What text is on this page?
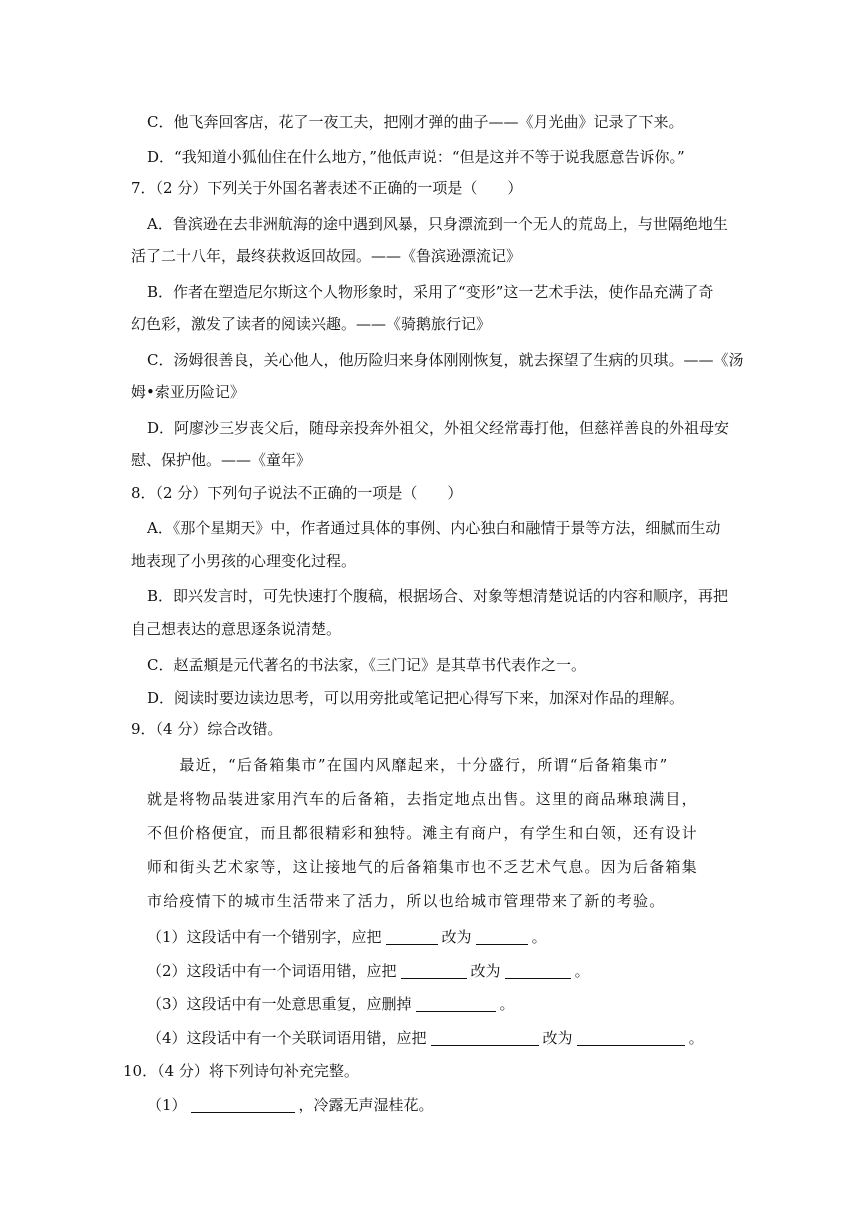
C．他飞奔回客店，花了一夜工夫，把刚才弹的曲子——《月光曲》记录了下来。
D．“我知道小狐仙住在什么地方，”他低声说：“但是这并不等于说我愿意告诉你。”
7．（2 分）下列关于外国名著表述不正确的一项是（　　）
A．鲁滨逊在去非洲航海的途中遇到风暴，只身漂流到一个无人的荒岛上，与世隔绝地生
活了二十八年，最终获救返回故园。——《鲁滨逊漂流记》
B．作者在塑造尼尔斯这个人物形象时，采用了“变形”这一艺术手法，使作品充满了奇
幻色彩，激发了读者的阅读兴趣。——《骑鹅旅行记》
C．汤姆很善良，关心他人，他历险归来身体刚刚恢复，就去探望了生病的贝琪。——《汤
姆•索亚历险记》
D．阿廖沙三岁丧父后，随母亲投奔外祖父，外祖父经常毒打他，但慈祥善良的外祖母安
慰、保护他。——《童年》
8．（2 分）下列句子说法不正确的一项是（　　）
A．《那个星期天》中，作者通过具体的事例、内心独白和融情于景等方法，细腻而生动
地表现了小男孩的心理变化过程。
B．即兴发言时，可先快速打个腹稿，根据场合、对象等想清楚说话的内容和顺序，再把
自己想表达的意思逐条说清楚。
C．赵孟頫是元代著名的书法家，《三门记》是其草书代表作之一。
D．阅读时要边读边思考，可以用旁批或笔记把心得写下来，加深对作品的理解。
9．（4 分）综合改错。
　　最近，“后备箱集市”在国内风靡起来，十分盛行，所谓“后备箱集市”
就是将物品装进家用汽车的后备箱，去指定地点出售。这里的商品琳琅满目，
不但价格便宜，而且都很精彩和独特。滩主有商户，有学生和白领，还有设计
师和街头艺术家等，这让接地气的后备箱集市也不乏艺术气息。因为后备箱集
市给疫情下的城市生活带来了活力，所以也给城市管理带来了新的考验。
（1）这段话中有一个错别字，应把	改为	。
（2）这段话中有一个词语用错，应把	改为	。
（3）这段话中有一处意思重复，应删掉	。
（4）这段话中有一个关联词语用错，应把	改为	。
10．（4 分）将下列诗句补充完整。
（1）	，冷露无声湿桂花。
